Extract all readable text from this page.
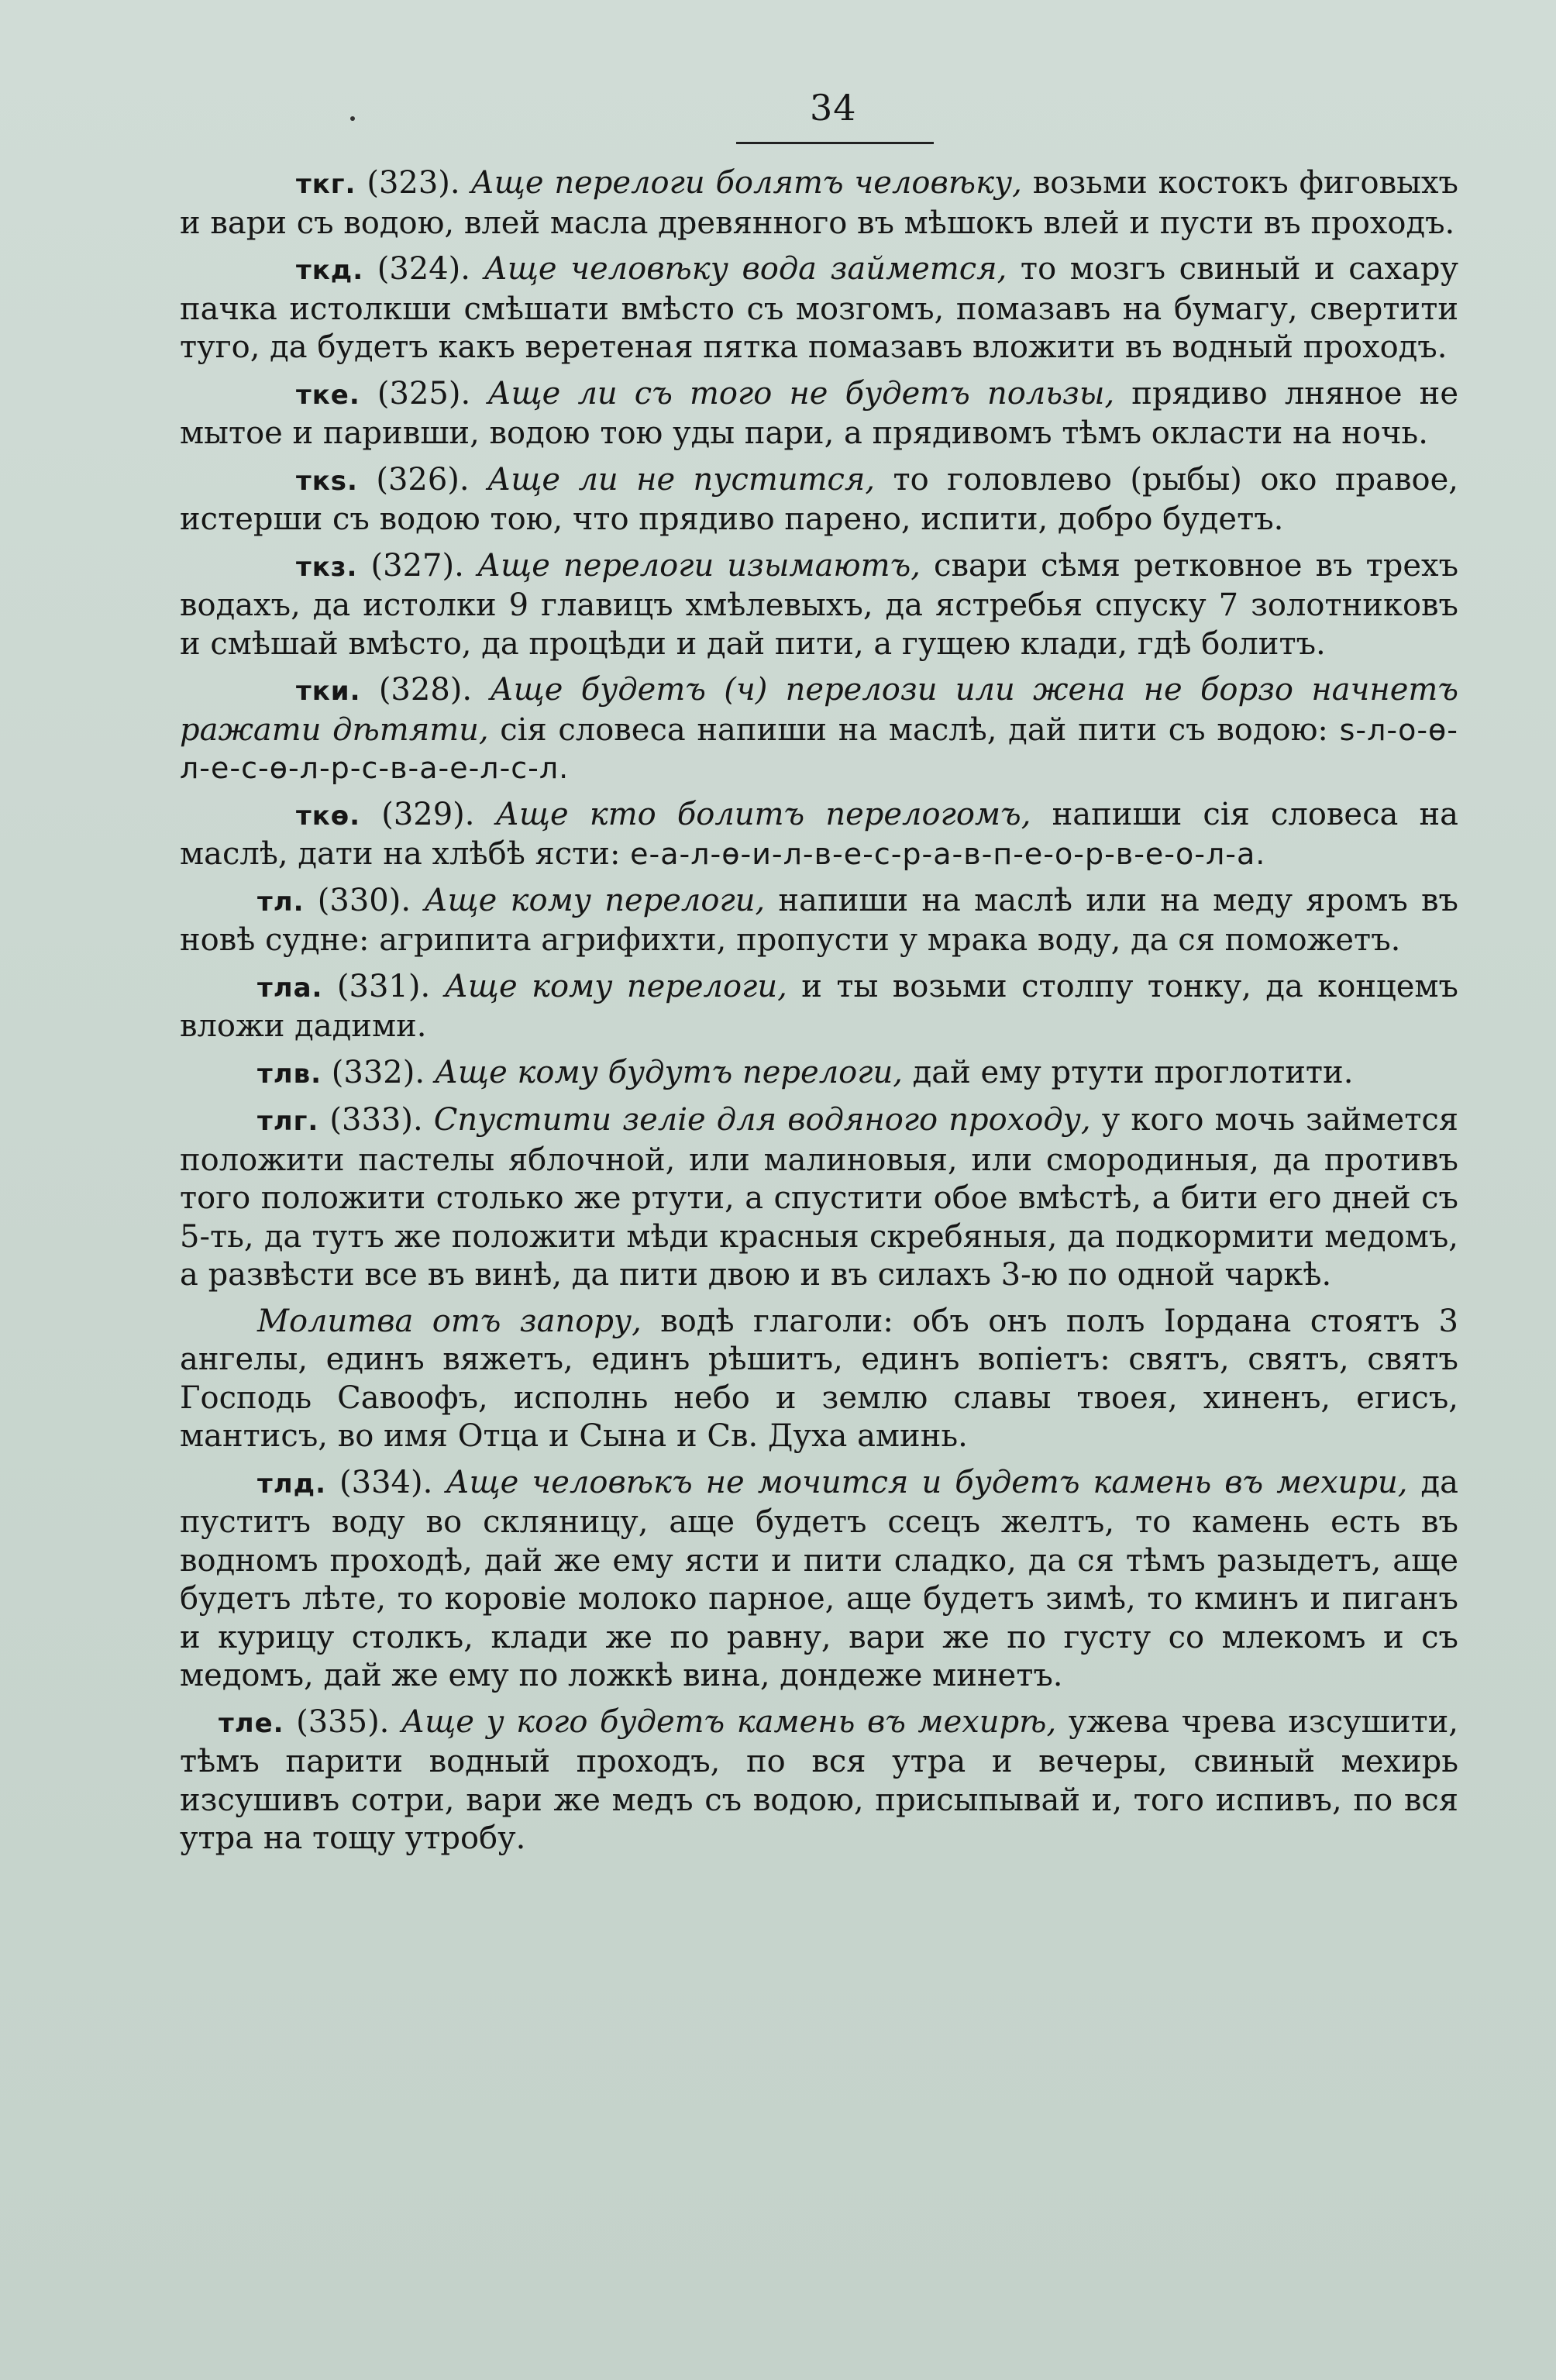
34

ткг. (323). Аще перелоги болятъ человѣку, возьми костокъ фиговыхъ и вари съ водою, влей масла древянного въ мѣшокъ влей и пусти въ проходъ.

ткд. (324). Аще человѣку вода займется, то мозгъ свиный и сахару пачка истолкши смѣшати вмѣсто съ мозгомъ, помазавъ на бумагу, свертити туго, да будетъ какъ веретеная пятка помазавъ вложити въ водный проходъ.

тке. (325). Аще ли съ того не будетъ пользы, прядиво лняное не мытое и паривши, водою тою уды пари, а прядивомъ тѣмъ окласти на ночь.

ткѕ. (326). Аще ли не пустится, то головлево (рыбы) око правое, истерши съ водою тою, что прядиво парено, испити, добро будетъ.

ткз. (327). Аще перелоги изымаютъ, свари сѣмя ретковное въ трехъ водахъ, да истолки 9 главицъ хмѣлевыхъ, да ястребья спуску 7 золотниковъ и смѣшай вмѣсто, да процѣди и дай пити, а гущею клади, гдѣ болитъ.

тки. (328). Аще будетъ (ч) перелози или жена не борзо начнетъ ражати дѣтяти, сія словеса напиши на маслѣ, дай пити съ водою: ѕ-л-о-ѳ-л-е-с-ѳ-л-р-с-в-а-е-л-с-л.

ткѳ. (329). Аще кто болитъ перелогомъ, напиши сія словеса на маслѣ, дати на хлѣбѣ ясти: е-а-л-ѳ-и-л-в-е-с-р-а-в-п-е-о-р-в-е-о-л-а.

тл. (330). Аще кому перелоги, напиши на маслѣ или на меду яромъ въ новѣ судне: агрипита агрифихти, пропусти у мрака воду, да ся поможетъ.

тла. (331). Аще кому перелоги, и ты возьми столпу тонку, да концемъ вложи дадими.

тлв. (332). Аще кому будутъ перелоги, дай ему ртути проглотити.

тлг. (333). Спустити зелie для водяного проходу, у кого мочь займется положити пастелы яблочной, или малиновыя, или смородиныя, да противъ того положити столько же ртути, а спустити обое вмѣстѣ, а бити его дней съ 5-ть, да тутъ же положити мѣди красныя скребяныя, да подкормити медомъ, а развѣсти все въ винѣ, да пити двою и въ силахъ 3-ю по одной чаркѣ.

Молитва отъ запору, водѣ глаголи: объ онъ полъ Іордана стоятъ 3 ангелы, единъ вяжетъ, единъ рѣшитъ, единъ вопіетъ: святъ, святъ, святъ Господь Савоофъ, исполнь небо и землю славы твоея, хиненъ, егисъ, мантисъ, во имя Отца и Сына и Св. Духа аминь.

тлд. (334). Аще человѣкъ не мочится и будетъ камень въ мехири, да пуститъ воду во скляницу, аще будетъ ссецъ желтъ, то камень есть въ водномъ проходѣ, дай же ему ясти и пити сладко, да ся тѣмъ разыдетъ, аще будетъ лѣте, то коровie молоко парное, аще будетъ зимѣ, то кминъ и пиганъ и курицу столкъ, клади же по равну, вари же по густу со млекомъ и съ медомъ, дай же ему по ложкѣ вина, дондеже минетъ.

тле. (335). Аще у кого будетъ камень въ мехирѣ, ужева чрева изсушити, тѣмъ парити водный проходъ, по вся утра и вечеры, свиный мехирь изсушивъ сотри, вари же медъ съ водою, присыпывай и, того испивъ, по вся утра на тощу утробу.
